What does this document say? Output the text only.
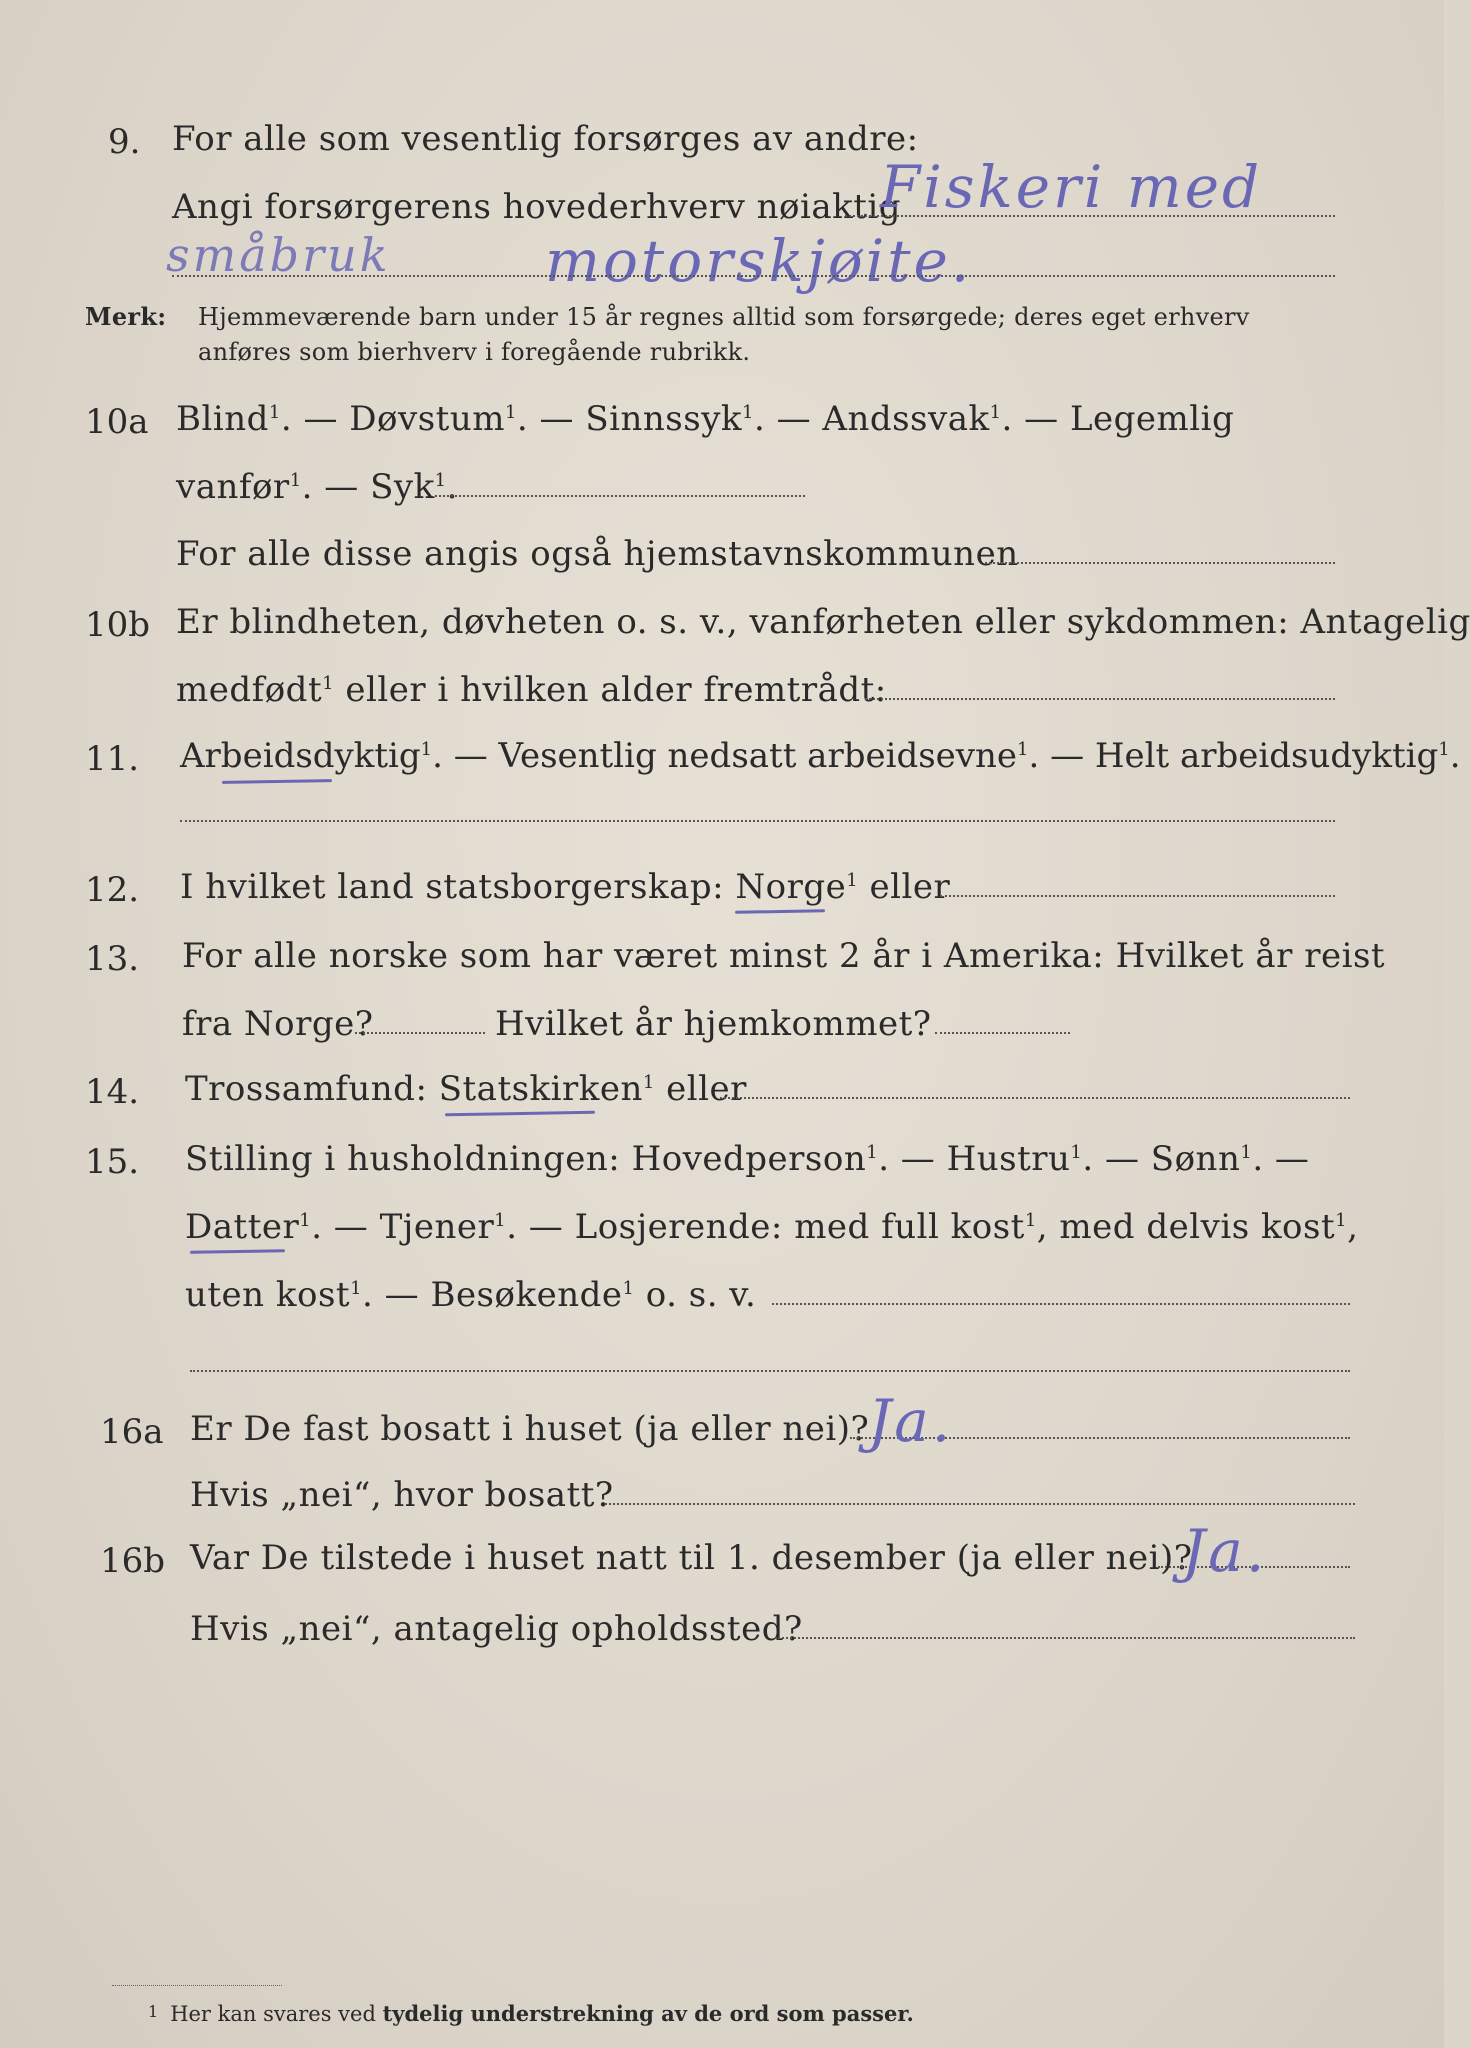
9. For alle som vesentlig forsørges av andre:
Angi forsørgerens hovederhverv nøiaktig
Fiskeri med
småbruk	motorskjøite.
Merk: Hjemmeværende barn under 15 år regnes alltid som forsørgede; deres eget erhverv
anføres som bierhverv i foregående rubrikk.
10a Blind$^1$. — Døvstum$^1$. — Sinnssyk$^1$. — Andssvak$^1$. — Legemlig
vanfør$^1$. — Syk$^1$.
For alle disse angis også hjemstavnskommunen
10b Er blindheten, døvheten o. s. v., vanførheten eller sykdommen: Antagelig
medfødt$^1$ eller i hvilken alder fremtrådt:
11. Arbeidsdyktig$^1$. — Vesentlig nedsatt arbeidsevne$^1$. — Helt arbeidsudyktig$^1$.
12. I hvilket land statsborgerskap: Norge$^1$ eller
13. For alle norske som har været minst 2 år i Amerika: Hvilket år reist
fra Norge?	Hvilket år hjemkommet?
14. Trossamfund: Statskirken$^1$ eller
15. Stilling i husholdningen: Hovedperson$^1$. — Hustru$^1$. — Sønn$^1$. —
Datter$^1$. — Tjener$^1$. — Losjerende: med full kost$^1$, med delvis kost$^1$,
uten kost$^1$. — Besøkende$^1$ o. s. v.
16a Er De fast bosatt i huset (ja eller nei)?
Ja.
Hvis „nei“, hvor bosatt?
16b Var De tilstede i huset natt til 1. desember (ja eller nei)?
Ja.
Hvis „nei“, antagelig opholdssted?
1 Her kan svares ved tydelig understrekning av de ord som passer.
